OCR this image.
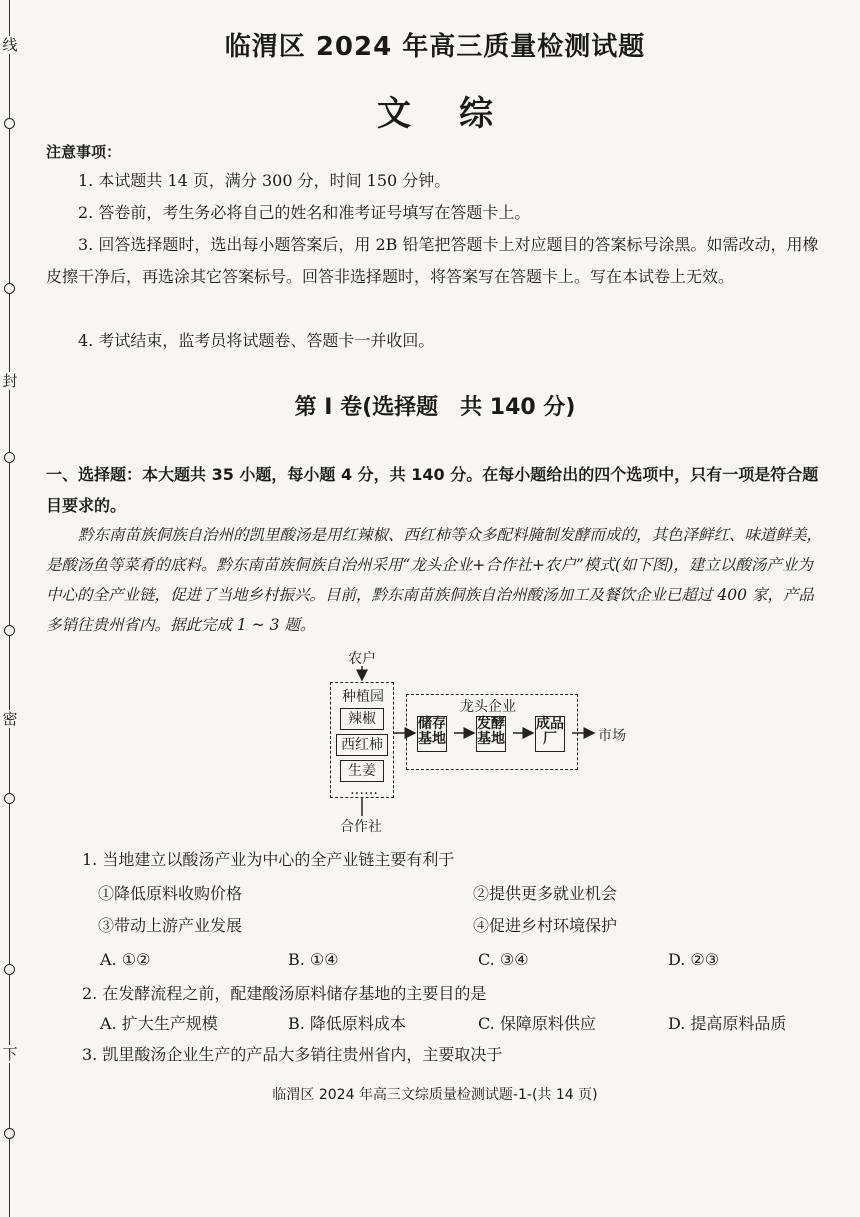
线
封
密
下
临渭区 2024 年高三质量检测试题
文综
注意事项：
1. 本试题共 14 页，满分 300 分，时间 150 分钟。
2. 答卷前，考生务必将自己的姓名和准考证号填写在答题卡上。
3. 回答选择题时，选出每小题答案后，用 2B 铅笔把答题卡上对应题目的答案标号涂黑。如需改动，用橡皮擦干净后，再选涂其它答案标号。回答非选择题时，将答案写在答题卡上。写在本试卷上无效。
4. 考试结束，监考员将试题卷、答题卡一并收回。
第 Ⅰ 卷(选择题　共 140 分)
一、选择题：本大题共 35 小题，每小题 4 分，共 140 分。在每小题给出的四个选项中，只有一项是符合题目要求的。
黔东南苗族侗族自治州的凯里酸汤是用红辣椒、西红柿等众多配料腌制发酵而成的，其色泽鲜红、味道鲜美，是酸汤鱼等菜肴的底料。黔东南苗族侗族自治州采用“龙头企业+合作社+农户”模式(如下图)，建立以酸汤产业为中心的全产业链，促进了当地乡村振兴。目前，黔东南苗族侗族自治州酸汤加工及餐饮企业已超过 400 家，产品多销往贵州省内。据此完成 1 ~ 3 题。
农户
种植园
辣椒
西红柿
生姜
……
合作社
龙头企业
储存基地
发酵基地
成品厂	市场
1. 当地建立以酸汤产业为中心的全产业链主要有利于
①降低原料收购价格	②提供更多就业机会
③带动上游产业发展	④促进乡村环境保护
A. ①②	B. ①④	C. ③④	D. ②③
2. 在发酵流程之前，配建酸汤原料储存基地的主要目的是
A. 扩大生产规模	B. 降低原料成本	C. 保障原料供应	D. 提高原料品质
3. 凯里酸汤企业生产的产品大多销往贵州省内，主要取决于
临渭区 2024 年高三文综质量检测试题-1-(共 14 页)
